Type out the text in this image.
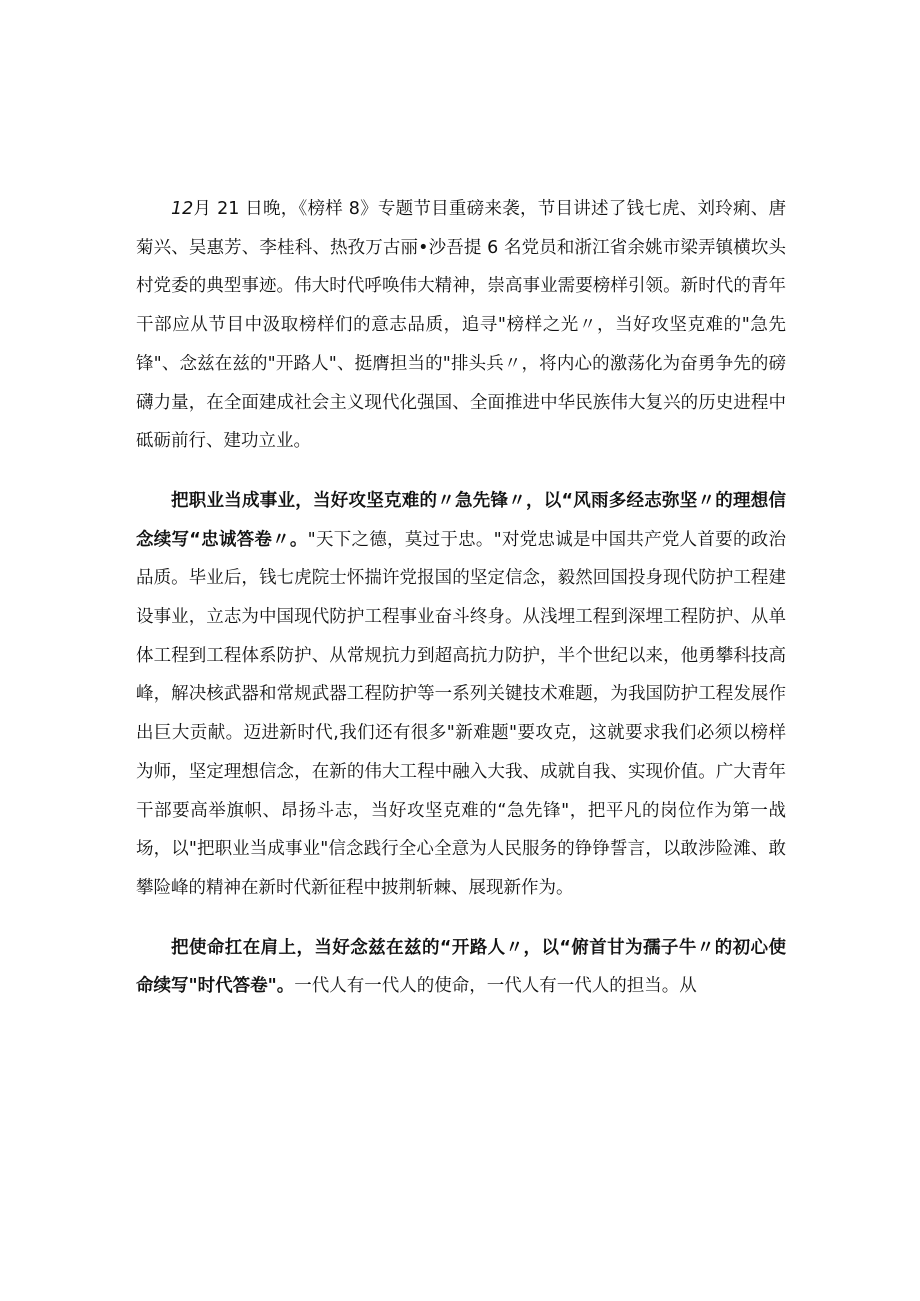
12月 21 日晚，《榜样 8》专题节目重磅来袭，节目讲述了钱七虎、刘玲痢、唐菊兴、吴惠芳、李桂科、热孜万古丽•沙吾提 6 名党员和浙江省余姚市梁弄镇横坎头村党委的典型事迹。伟大时代呼唤伟大精神，崇高事业需要榜样引领。新时代的青年干部应从节目中汲取榜样们的意志品质，追寻"榜样之光〃，当好攻坚克难的"急先锋"、念兹在兹的"开路人"、挺膺担当的"排头兵〃，将内心的激荡化为奋勇争先的磅礴力量，在全面建成社会主义现代化强国、全面推进中华民族伟大复兴的历史进程中砥砺前行、建功立业。

把职业当成事业，当好攻坚克难的〃急先锋〃，以“风雨多经志弥坚〃的理想信念续写“忠诚答卷〃。"天下之德，莫过于忠。"对党忠诚是中国共产党人首要的政治品质。毕业后，钱七虎院士怀揣许党报国的坚定信念，毅然回国投身现代防护工程建设事业，立志为中国现代防护工程事业奋斗终身。从浅埋工程到深埋工程防护、从单体工程到工程体系防护、从常规抗力到超高抗力防护，半个世纪以来，他勇攀科技高峰，解决核武器和常规武器工程防护等一系列关键技术难题，为我国防护工程发展作出巨大贡献。迈进新时代,我们还有很多"新难题"要攻克，这就要求我们必须以榜样为师，坚定理想信念，在新的伟大工程中融入大我、成就自我、实现价值。广大青年干部要高举旗帜、昂扬斗志，当好攻坚克难的“急先锋"，把平凡的岗位作为第一战场，以"把职业当成事业"信念践行全心全意为人民服务的铮铮誓言，以敢涉险滩、敢攀险峰的精神在新时代新征程中披荆斩棘、展现新作为。

把使命扛在肩上，当好念兹在兹的“开路人〃，以“俯首甘为孺子牛〃的初心使命续写"时代答卷"。一代人有一代人的使命，一代人有一代人的担当。从
